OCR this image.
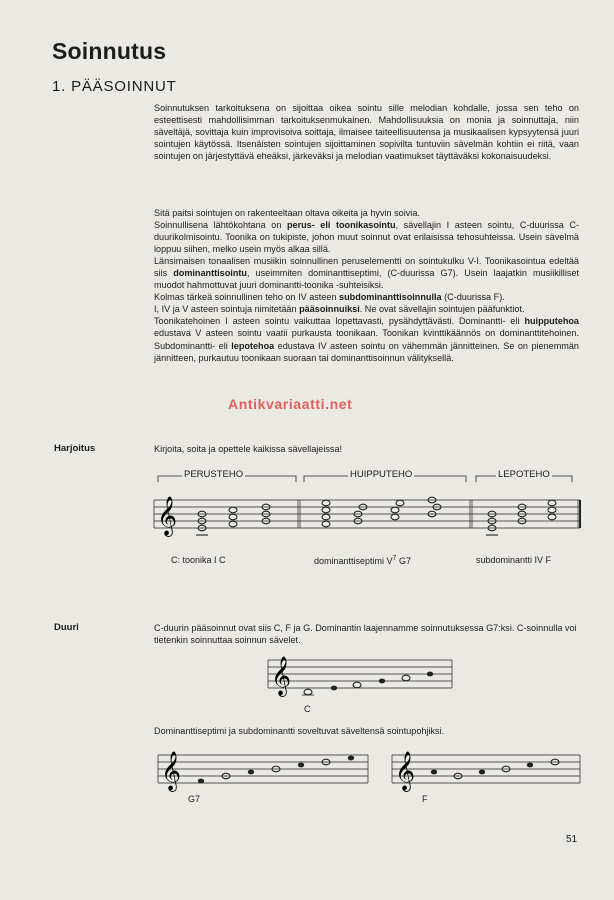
Soinnutus
1. PÄÄSOINNUT

Soinnutuksen tarkoituksena on sijoittaa oikea sointu sille melodian kohdalle, jossa sen teho on esteettisesti mahdollisimman tarkoituksenmukainen. Mahdollisuuksia on monia ja soinnuttaja, niin säveltäjä, sovittaja kuin improvisoiva soittaja, ilmaisee taiteellisuutensa ja musikaalisen kypsyytensä juuri sointujen käytössä. Itsenäisten sointujen sijoittaminen sopivilta tuntuviin sävelmän kohtiin ei riitä, vaan sointujen on järjestyttävä eheäksi, järkeväksi ja melodian vaatimukset täyttäväksi kokonaisuudeksi.

Sitä paitsi sointujen on rakenteeltaan oltava oikeita ja hyvin soivia.

Soinnullisena lähtökohtana on perus- eli toonikasointu, sävellajin I asteen sointu, C-duurissa C-duurikolmisointu. Toonika on tukipiste, johon muut soinnut ovat erilaisissa tehosuhteissa. Usein sävelmä loppuu siihen, melko usein myös alkaa sillä.

Länsimaisen tonaalisen musiikin soinnullinen peruselementti on sointukulku V-I. Toonikasointua edeltää siis dominanttisointu, useimmiten dominanttiseptimi, (C-duurissa G7). Usein laajatkin musiikilliset muodot hahmottuvat juuri dominantti-toonika -suhteisiksi.

Kolmas tärkeä soinnullinen teho on IV asteen subdominanttisoinnulla (C-duurissa F).

I, IV ja V asteen sointuja nimitetään pääsoinnuiksi. Ne ovat sävellajin sointujen pääfunktiot.

Toonikatehoinen I asteen sointu vaikuttaa lopettavasti, pysähdyttävästi. Dominantti- eli huipputehoa edustava V asteen sointu vaatii purkausta toonikaan. Toonikan kvinttikäännös on dominanttitehoinen. Subdominantti- eli lepotehoa edustava IV asteen sointu on vähemmän jännitteinen. Se on pienemmän jännitteen, purkautuu toonikaan suoraan tai dominanttisoinnun välityksellä.

Antikvariaatti.net
Harjoitus	Kirjoita, soita ja opettele kaikissa sävellajeissa!
𝄞
𝄞
𝄞	𝄞
PERUSTEHO	HUIPPUTEHO	LEPOTEHO
C: toonika I C	dominanttiseptimi $V^7$ G7	subdominantti IV F
Duuri	C-duurin pääsoinnut ovat siis C, F ja G. Dominantin laajennamme soinnutuksessa G7:ksi. C-soinnulla voi tietenkin soinnuttaa soinnun sävelet.
C
Dominanttiseptimi ja subdominantti soveltuvat säveltensä sointupohjiksi.
G7	F
51
